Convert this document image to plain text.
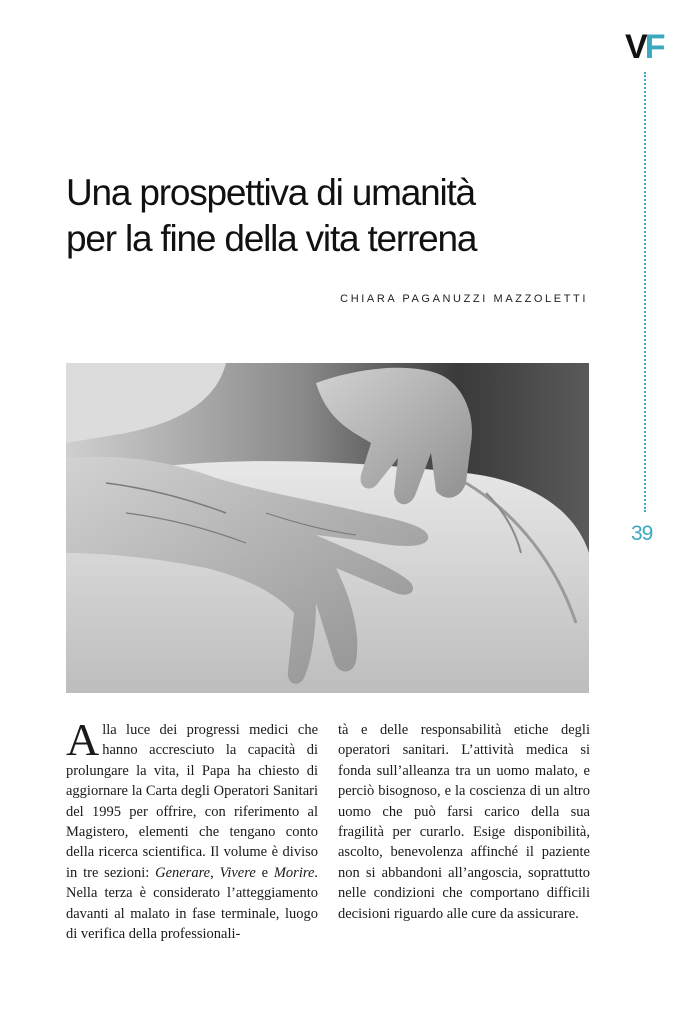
VF
39
Una prospettiva di umanità
per la fine della vita terrena
CHIARA PAGANUZZI MAZZOLETTI

Alla luce dei progressi medici che hanno accresciuto la capacità di prolungare la vita, il Papa ha chiesto di aggiornare la Carta degli Operatori Sanitari del 1995 per offrire, con riferimento al Magistero, elementi che tengano conto della ricerca scientifica. Il volume è diviso in tre sezioni: Generare, Vivere e Morire. Nella terza è considerato l’atteggiamento davanti al malato in fase terminale, luogo di verifica della professionali-

tà e delle responsabilità etiche degli operatori sanitari. L’attività medica si fonda sull’alleanza tra un uomo malato, e perciò bisognoso, e la coscienza di un altro uomo che può farsi carico della sua fragilità per curarlo. Esige disponibilità, ascolto, benevolenza affinché il paziente non si abbandoni all’angoscia, soprattutto nelle condizioni che comportano difficili decisioni riguardo alle cure da assicurare.
